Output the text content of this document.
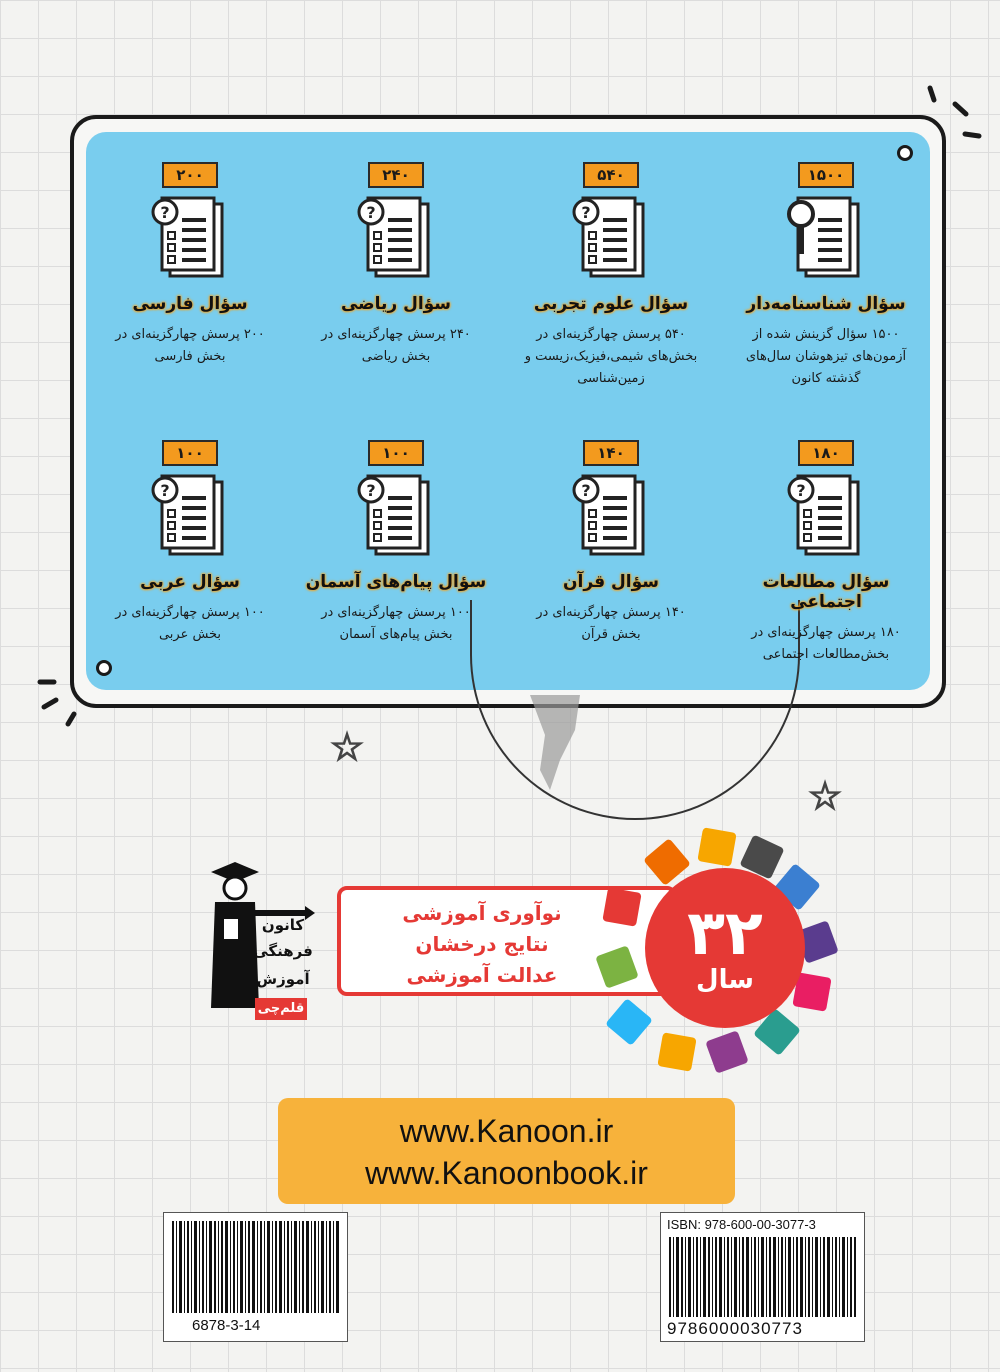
☆
☆
۱۵۰۰
سؤال شناسنامه‌دار
۱۵۰۰ سؤال گزینش شده از آزمون‌های تیزهوشان سال‌های گذشته کانون
۵۴۰
?
سؤال علوم تجربی
۵۴۰ پرسش چهارگزینه‌ای در بخش‌های شیمی،فیزیک،زیست و زمین‌شناسی
۲۴۰
?
سؤال ریاضی
۲۴۰ پرسش چهارگزینه‌ای در بخش ریاضی
۲۰۰
?
سؤال فارسی
۲۰۰ پرسش چهارگزینه‌ای در بخش فارسی
۱۸۰
?
سؤال مطالعات اجتماعی
۱۸۰ پرسش چهارگزینه‌ای در بخش‌مطالعات اجتماعی
۱۴۰
?
سؤال قرآن
۱۴۰ پرسش چهارگزینه‌ای در بخش قرآن
۱۰۰
?
سؤال پیام‌های آسمان
۱۰۰ پرسش چهارگزینه‌ای در بخش پیام‌های آسمان
۱۰۰
?
سؤال عربی
۱۰۰ پرسش چهارگزینه‌ای در بخش عربی
کانون
فرهنگی
آموزش
قلم‌چی
نوآوری آموزشی
نتایج درخشان
عدالت آموزشی
۳۲
سال
www.Kanoon.ir
www.Kanoonbook.ir
6878-3-14
ISBN: 978-600-00-3077-3
9786000030773
